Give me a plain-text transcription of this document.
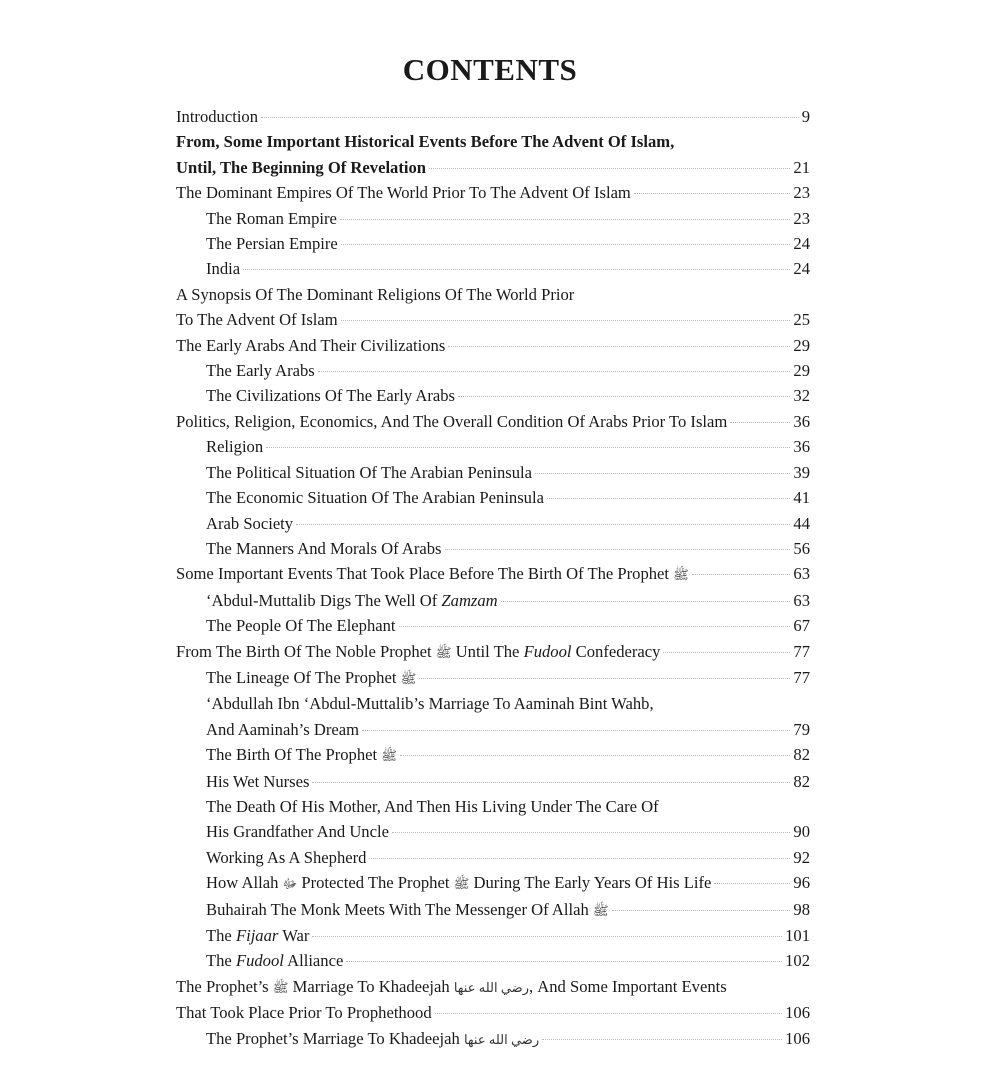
CONTENTS
Introduction	9
From, Some Important Historical Events Before The Advent Of Islam,
Until, The Beginning Of Revelation	21
The Dominant Empires Of The World Prior To The Advent Of Islam	23
The Roman Empire	23
The Persian Empire	24
India	24
A Synopsis Of The Dominant Religions Of The World Prior
To The Advent Of Islam	25
The Early Arabs And Their Civilizations	29
The Early Arabs	29
The Civilizations Of The Early Arabs	32
Politics, Religion, Economics, And The Overall Condition Of Arabs Prior To Islam	36
Religion	36
The Political Situation Of The Arabian Peninsula	39
The Economic Situation Of The Arabian Peninsula	41
Arab Society	44
The Manners And Morals Of Arabs	56
Some Important Events That Took Place Before The Birth Of The Prophet ﷺ	63
‘Abdul-Muttalib Digs The Well Of Zamzam	63
The People Of The Elephant	67
From The Birth Of The Noble Prophet ﷺ Until The Fudool Confederacy	77
The Lineage Of The Prophet ﷺ	77
‘Abdullah Ibn ‘Abdul-Muttalib’s Marriage To Aaminah Bint Wahb,
And Aaminah’s Dream	79
The Birth Of The Prophet ﷺ	82
His Wet Nurses	82
The Death Of His Mother, And Then His Living Under The Care Of
His Grandfather And Uncle	90
Working As A Shepherd	92
How Allah ﷻ Protected The Prophet ﷺ During The Early Years Of His Life	96
Buhairah The Monk Meets With The Messenger Of Allah ﷺ	98
The Fijaar War	101
The Fudool Alliance	102
The Prophet’s ﷺ Marriage To Khadeejah رضي الله عنها, And Some Important Events
That Took Place Prior To Prophethood	106
The Prophet’s Marriage To Khadeejah رضي الله عنها	106
